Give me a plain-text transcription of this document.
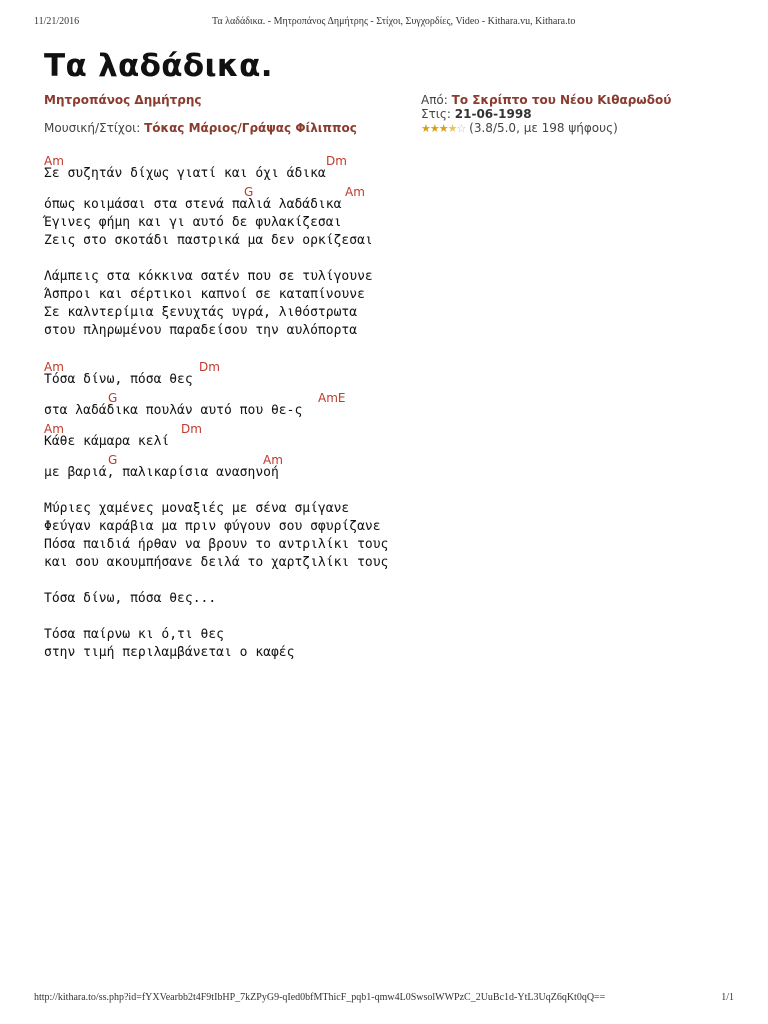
11/21/2016	Τα λαδάδικα. - Μητροπάνος Δημήτρης - Στίχοι, Συγχορδίες, Video - Kithara.vu, Kithara.to
Τα λαδάδικα.
Μητροπάνος Δημήτρης
Μουσική/Στίχοι: Τόκας Μάριος/Γράψας Φίλιππος
Από: Το Σκρίπτο του Νέου Κιθαρωδού
Στις: 21-06-1998
★★★★☆ (3.8/5.0, με 198 ψήφους)

Am

	Dm

Σε συζητάν δίχως γιατί και όχι άδικα

G

	Am

όπως κοιμάσαι στα στενά παλιά λαδάδικα
Έγινες φήμη και γι αυτό δε φυλακίζεσαι
Ζεις στο σκοτάδι παστρικά μα δεν ορκίζεσαι
Λάμπεις στα κόκκινα σατέν που σε τυλίγουνε
Άσπροι και σέρτικοι καπνοί σε καταπίνουνε
Σε καλντερίμια ξενυχτάς υγρά, λιθόστρωτα
στου πληρωμένου παραδείσου την αυλόπορτα

Am

	Dm

Τόσα δίνω, πόσα θες

G

	AmE

στα λαδάδικα πουλάν αυτό που θε-ς

Am

	Dm

Κάθε κάμαρα κελί

G

	Am

με βαριά, παλικαρίσια ανασηνοή
Μύριες χαμένες μοναξιές με σένα σμίγανε
Φεύγαν καράβια μα πριν φύγουν σου σφυρίζανε
Πόσα παιδιά ήρθαν να βρουν το αντριλίκι τους
και σου ακουμπήσανε δειλά το χαρτζιλίκι τους
Τόσα δίνω, πόσα θες...
Τόσα παίρνω κι ό,τι θες
στην τιμή περιλαμβάνεται ο καφές
http://kithara.to/ss.php?id=fYXVearbb2t4F9tIbHP_7kZPyG9-qIed0bfMThicF_pqb1-qmw4L0SwsolWWPzC_2UuBc1d-YtL3UqZ6qKt0qQ==	1/1
